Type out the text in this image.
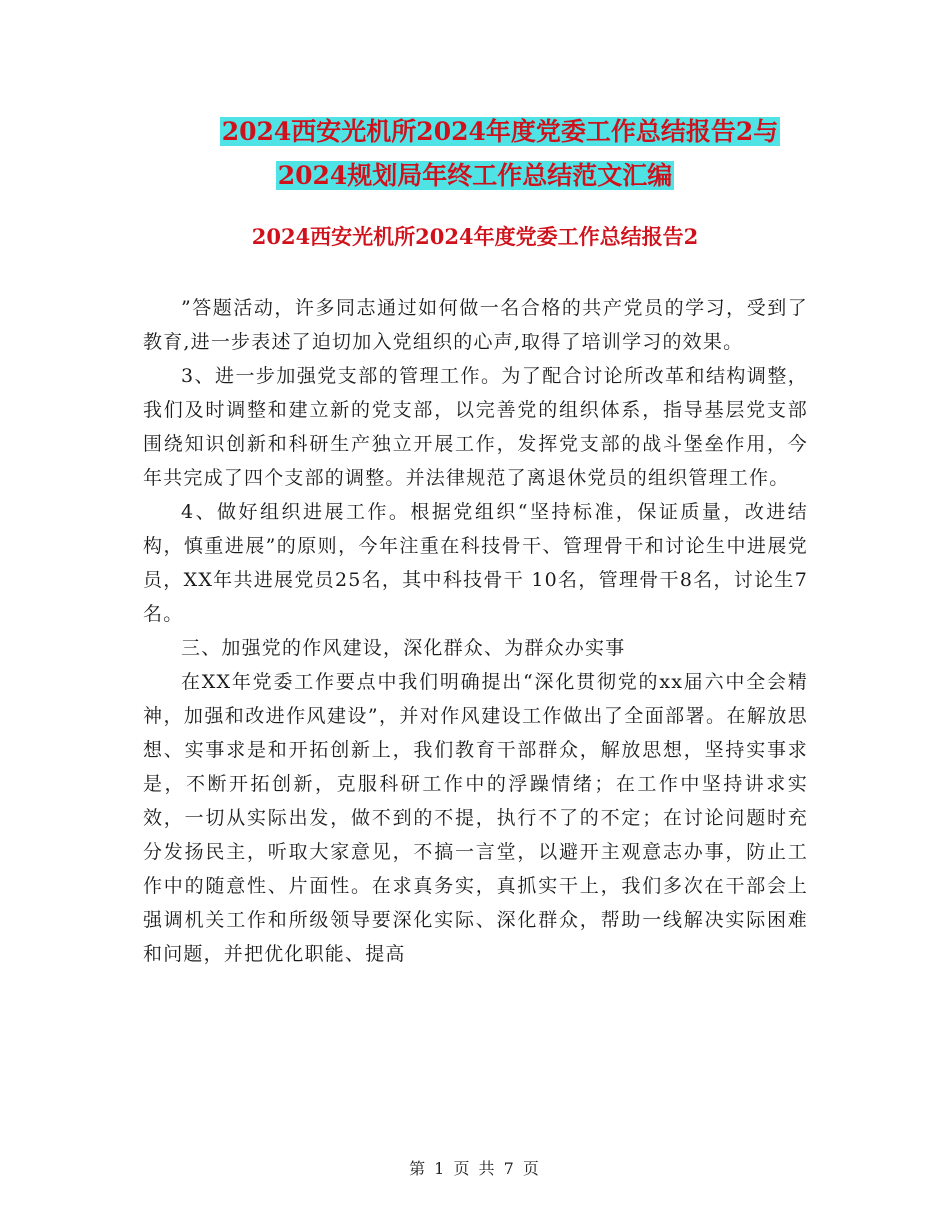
2024西安光机所2024年度党委工作总结报告2与
2024规划局年终工作总结范文汇编
2024西安光机所2024年度党委工作总结报告2

”答题活动，许多同志通过如何做一名合格的共产党员的学习，受到了教育,进一步表述了迫切加入党组织的心声,取得了培训学习的效果。

3、进一步加强党支部的管理工作。为了配合讨论所改革和结构调整，我们及时调整和建立新的党支部，以完善党的组织体系，指导基层党支部围绕知识创新和科研生产独立开展工作，发挥党支部的战斗堡垒作用，今年共完成了四个支部的调整。并法律规范了离退休党员的组织管理工作。

4、做好组织进展工作。根据党组织“坚持标准，保证质量，改进结构，慎重进展”的原则，今年注重在科技骨干、管理骨干和讨论生中进展党员，XX年共进展党员25名，其中科技骨干 10名，管理骨干8名，讨论生7名。

三、加强党的作风建设，深化群众、为群众办实事

在XX年党委工作要点中我们明确提出“深化贯彻党的xx届六中全会精神，加强和改进作风建设”，并对作风建设工作做出了全面部署。在解放思想、实事求是和开拓创新上，我们教育干部群众，解放思想，坚持实事求是，不断开拓创新，克服科研工作中的浮躁情绪；在工作中坚持讲求实效，一切从实际出发，做不到的不提，执行不了的不定；在讨论问题时充分发扬民主，听取大家意见，不搞一言堂，以避开主观意志办事，防止工作中的随意性、片面性。在求真务实，真抓实干上，我们多次在干部会上强调机关工作和所级领导要深化实际、深化群众，帮助一线解决实际困难和问题，并把优化职能、提高

第 1 页 共 7 页
